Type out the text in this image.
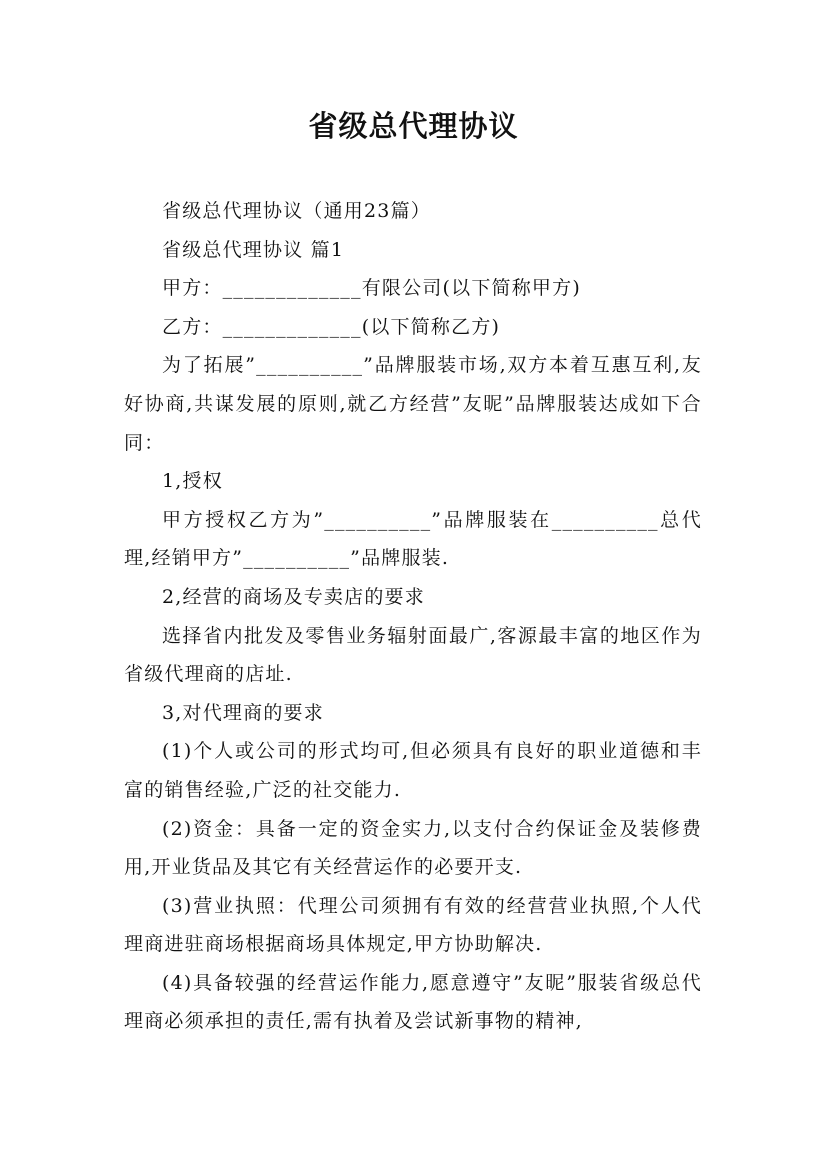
省级总代理协议

省级总代理协议（通用23篇）

省级总代理协议 篇1

甲方：_____________有限公司(以下简称甲方)

乙方：_____________(以下简称乙方)

为了拓展”__________”品牌服装市场,双方本着互惠互利,友好协商,共谋发展的原则,就乙方经营”友昵”品牌服装达成如下合同：

1,授权

甲方授权乙方为”__________”品牌服装在__________总代理,经销甲方”__________”品牌服装.

2,经营的商场及专卖店的要求

选择省内批发及零售业务辐射面最广,客源最丰富的地区作为省级代理商的店址.

3,对代理商的要求

(1)个人或公司的形式均可,但必须具有良好的职业道德和丰富的销售经验,广泛的社交能力.

(2)资金：具备一定的资金实力,以支付合约保证金及装修费用,开业货品及其它有关经营运作的必要开支.

(3)营业执照：代理公司须拥有有效的经营营业执照,个人代理商进驻商场根据商场具体规定,甲方协助解决.

(4)具备较强的经营运作能力,愿意遵守”友昵”服装省级总代理商必须承担的责任,需有执着及尝试新事物的精神,
